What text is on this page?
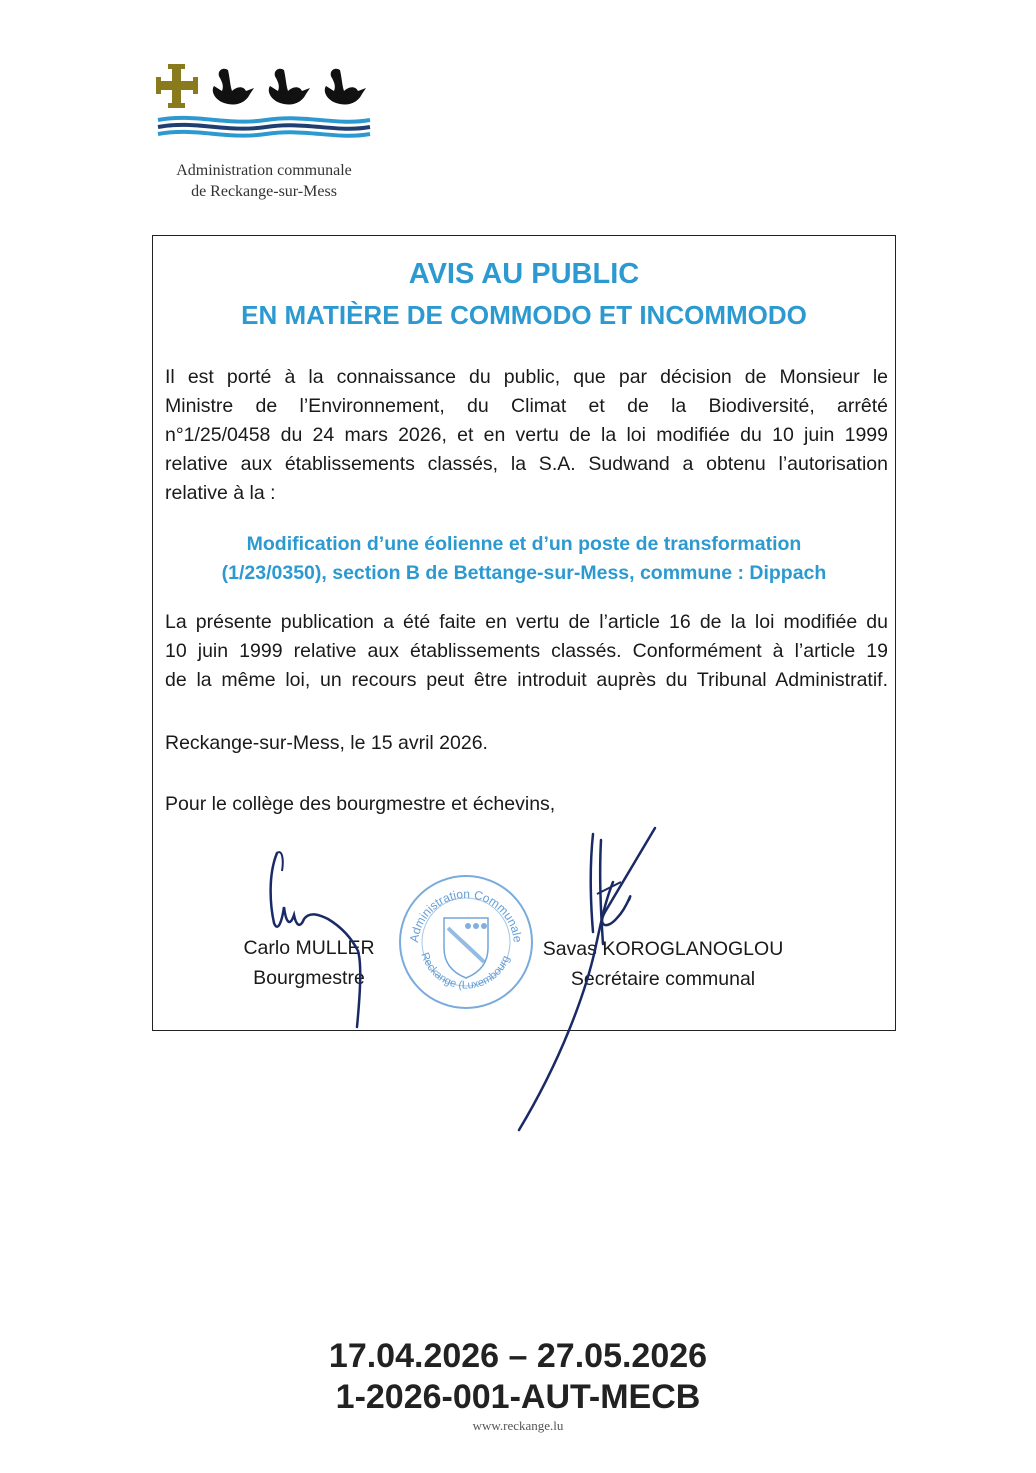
Administration communale
de Reckange-sur-Mess
AVIS AU PUBLIC
EN MATIÈRE DE COMMODO ET INCOMMODO
Il est porté à la connaissance du public, que par décision de Monsieur le
Ministre de l’Environnement, du Climat et de la Biodiversité, arrêté
n°1/25/0458 du 24 mars 2026, et en vertu de la loi modifiée du 10 juin 1999
relative aux établissements classés, la S.A. Sudwand a obtenu l’autorisation
relative à la :
Modification d’une éolienne et d’un poste de transformation
(1/23/0350), section B de Bettange-sur-Mess, commune : Dippach
La présente publication a été faite en vertu de l’article 16 de la loi modifiée du
10 juin 1999 relative aux établissements classés. Conformément à l’article 19
de la même loi, un recours peut être introduit auprès du Tribunal Administratif.
Reckange-sur-Mess, le 15 avril 2026.
Pour le collège des bourgmestre et échevins,
Carlo MULLER
Bourgmestre
Savas KOROGLANOGLOU
Secrétaire communal
Administration Communale
Reckange (Luxembourg
17.04.2026 – 27.05.2026
1-2026-001-AUT-MECB
www.reckange.lu
